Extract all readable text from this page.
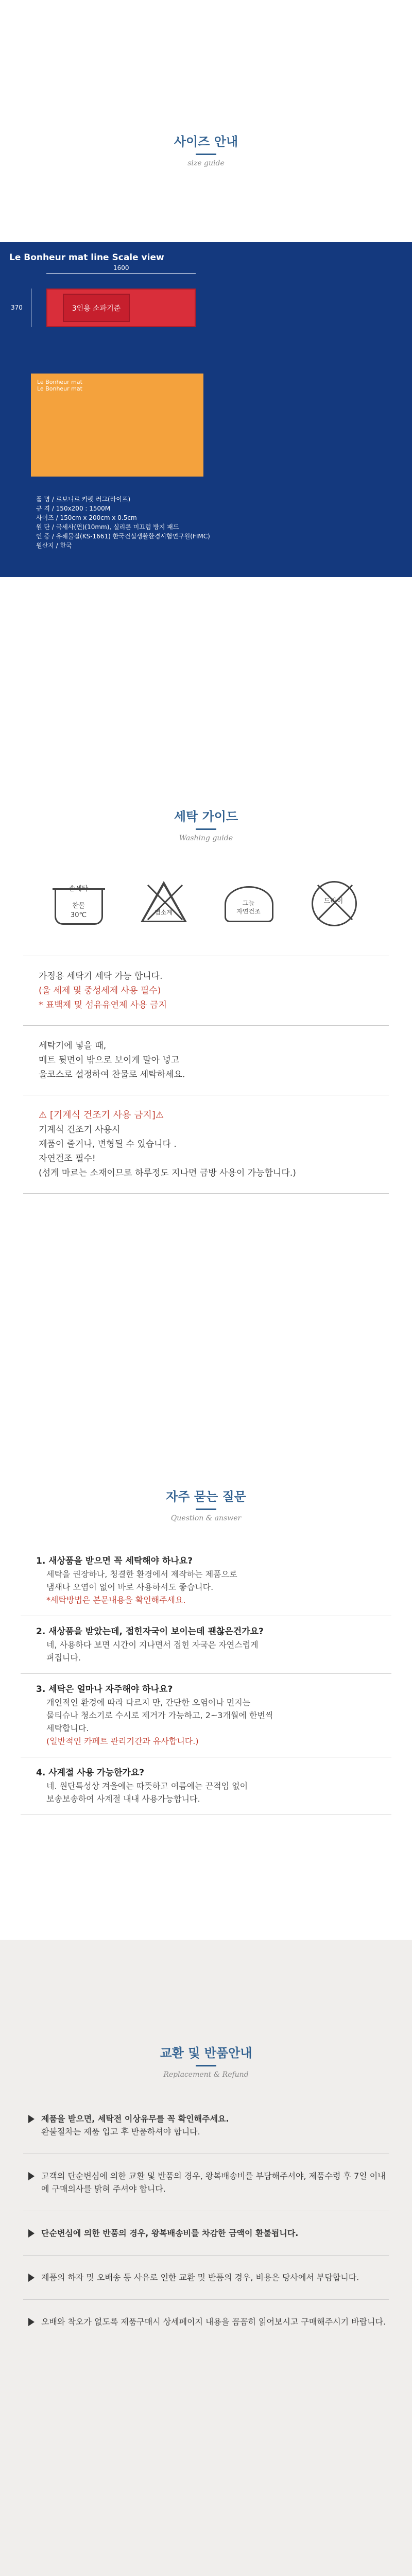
사이즈 안내
size guide
Le Bonheur mat line Scale view
1600
370	3인용 소파기준
Le Bonheur mat
Le Bonheur mat
품 명 / 르보니르 카펫 러그(라이프)
규 격 / 150x200 : 1500M
사이즈 / 150cm x 200cm x 0.5cm
원 단 / 극세사(면)(10mm), 실리콘 미끄럼 방지 패드
인 증 / 유해물질(KS-1661) 한국건설생활환경시험연구원(FIMC)
원산지 / 한국
세탁 가이드
Washing guide
손세탁
찬물
30℃	염소계
그늘
자연건조
드라이
가정용 세탁기 세탁 가능 합니다.
(울 세제 및 중성세제 사용 필수)
* 표백제 및 섬유유연제 사용 금지
세탁기에 넣을 때,
매트 뒷면이 밖으로 보이게 말아 넣고
울코스로 설정하여 찬물로 세탁하세요.
⚠ [기계식 건조기 사용 금지]⚠
기계식 건조기 사용시
제품이 줄거나, 변형될 수 있습니다 .
자연건조 필수!
(섬게 마르는 소재이므로 하루정도 지나면 금방 사용이 가능합니다.)
자주 묻는 질문
Question & answer
1. 새상품을 받으면 꼭 세탁해야 하나요?
세탁을 권장하나, 청결한 환경에서 제작하는 제품으로
냄새나 오염이 없어 바로 사용하셔도 좋습니다.
*세탁방법은 본문내용을 확인해주세요.
2. 새상품을 받았는데, 접힌자국이 보이는데 괜찮은건가요?
네, 사용하다 보면 시간이 지나면서 접힌 자국은 자연스럽게
펴집니다.
3. 세탁은 얼마나 자주해야 하나요?
개인적인 환경에 따라 다르지 만, 간단한 오염이나 먼지는
물티슈나 청소기로 수시로 제거가 가능하고, 2~3개월에 한번씩
세탁합니다.
(일반적인 카페트 관리기간과 유사합니다.)
4. 사계절 사용 가능한가요?
네. 원단특성상 겨울에는 따뜻하고 여름에는 끈적임 없이
보송보송하여 사계절 내내 사용가능합니다.
교환 및 반품안내
Replacement & Refund
제품을 받으면, 세탁전 이상유무를 꼭 확인해주세요.
환불절차는 제품 입고 후 반품하셔야 합니다.
고객의 단순변심에 의한 교환 및 반품의 경우, 왕복배송비를 부담해주셔야, 제품수령 후 7일 이내에 구매의사를 밝혀 주셔야 합니다.
단순변심에 의한 반품의 경우, 왕복배송비를 차감한 금액이 환불됩니다.
제품의 하자 및 오배송 등 사유로 인한 교환 및 반품의 경우, 비용은 당사에서 부담합니다.
오배와 착오가 없도록 제품구매시 상세페이지 내용을 꼼꼼히 읽어보시고 구매해주시기 바랍니다.
